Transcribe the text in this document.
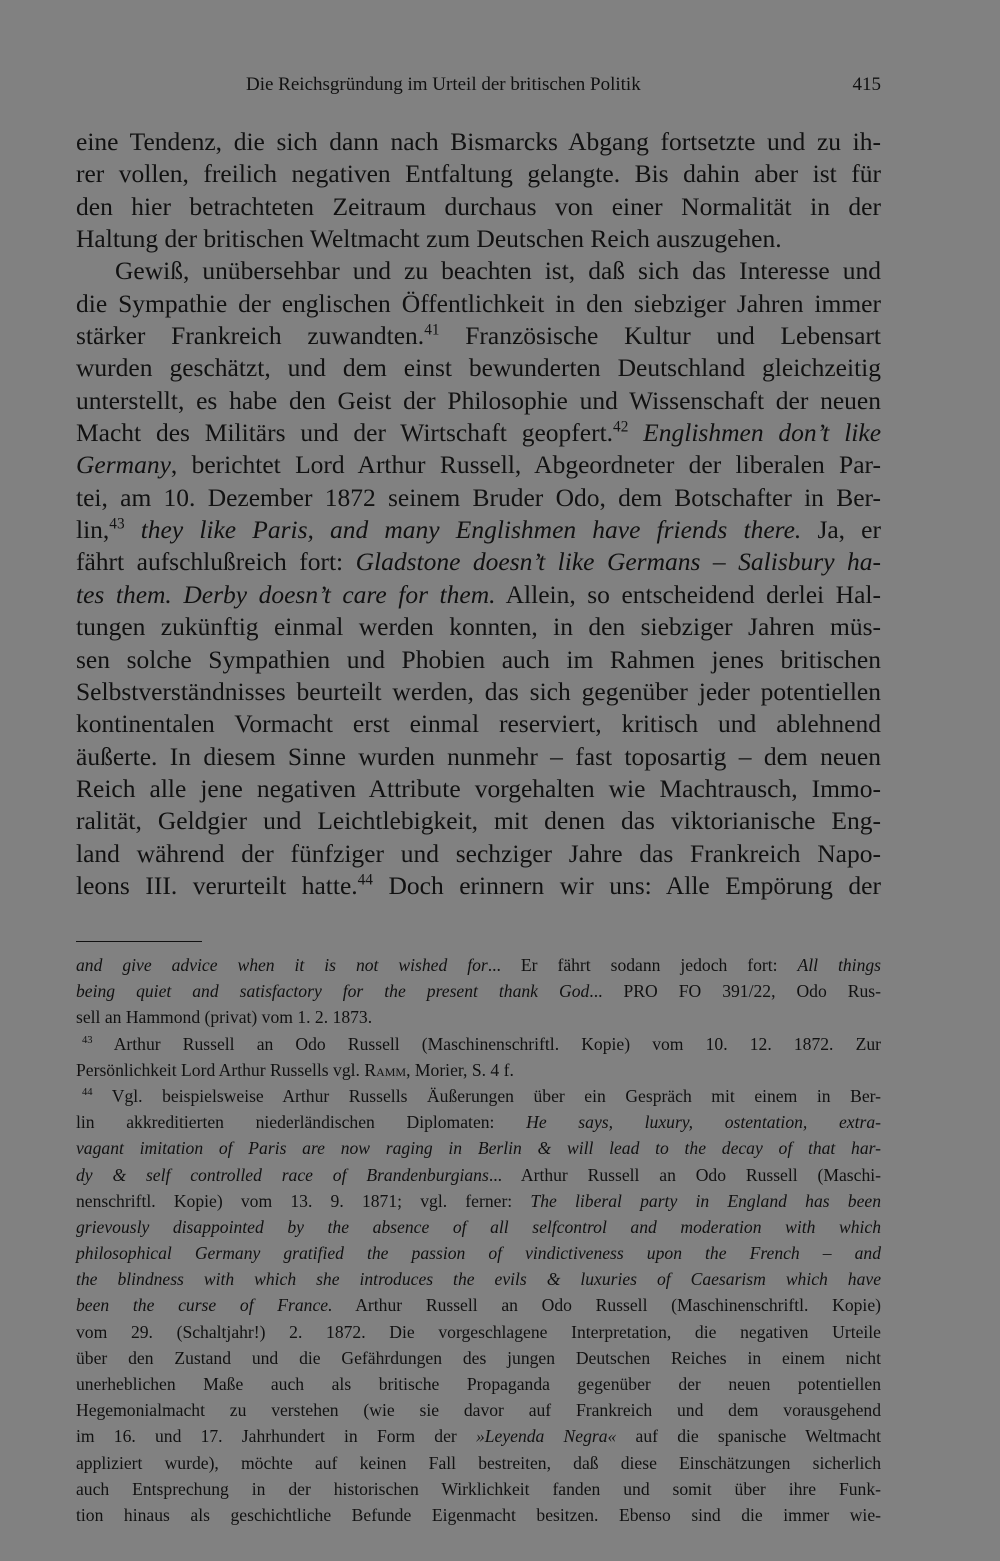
Die Reichsgründung im Urteil der britischen Politik	415
eine Tendenz, die sich dann nach Bismarcks Abgang fortsetzte und zu ih-
rer vollen, freilich negativen Entfaltung gelangte. Bis dahin aber ist für
den hier betrachteten Zeitraum durchaus von einer Normalität in der
Haltung der britischen Weltmacht zum Deutschen Reich auszugehen.
Gewiß, unübersehbar und zu beachten ist, daß sich das Interesse und
die Sympathie der englischen Öffentlichkeit in den siebziger Jahren immer
stärker Frankreich zuwandten.$^{41}$ Französische Kultur und Lebensart
wurden geschätzt, und dem einst bewunderten Deutschland gleichzeitig
unterstellt, es habe den Geist der Philosophie und Wissenschaft der neuen
Macht des Militärs und der Wirtschaft geopfert.$^{42}$ Englishmen don’t like
Germany, berichtet Lord Arthur Russell, Abgeordneter der liberalen Par-
tei, am 10. Dezember 1872 seinem Bruder Odo, dem Botschafter in Ber-
lin,$^{43}$ they like Paris, and many Englishmen have friends there. Ja, er
fährt aufschlußreich fort: Gladstone doesn’t like Germans – Salisbury ha-
tes them. Derby doesn’t care for them. Allein, so entscheidend derlei Hal-
tungen zukünftig einmal werden konnten, in den siebziger Jahren müs-
sen solche Sympathien und Phobien auch im Rahmen jenes britischen
Selbstverständnisses beurteilt werden, das sich gegenüber jeder potentiellen
kontinentalen Vormacht erst einmal reserviert, kritisch und ablehnend
äußerte. In diesem Sinne wurden nunmehr – fast toposartig – dem neuen
Reich alle jene negativen Attribute vorgehalten wie Machtrausch, Immo-
ralität, Geldgier und Leichtlebigkeit, mit denen das viktorianische Eng-
land während der fünfziger und sechziger Jahre das Frankreich Napo-
leons III. verurteilt hatte.$^{44}$ Doch erinnern wir uns: Alle Empörung der
and give advice when it is not wished for... Er fährt sodann jedoch fort: All things
being quiet and satisfactory for the present thank God... PRO FO 391/22, Odo Rus-
sell an Hammond (privat) vom 1. 2. 1873.
$^{43}$ Arthur Russell an Odo Russell (Maschinenschriftl. Kopie) vom 10. 12. 1872. Zur
Persönlichkeit Lord Arthur Russells vgl. Ramm, Morier, S. 4 f.
$^{44}$ Vgl. beispielsweise Arthur Russells Äußerungen über ein Gespräch mit einem in Ber-
lin akkreditierten niederländischen Diplomaten: He says, luxury, ostentation, extra-
vagant imitation of Paris are now raging in Berlin & will lead to the decay of that har-
dy & self controlled race of Brandenburgians... Arthur Russell an Odo Russell (Maschi-
nenschriftl. Kopie) vom 13. 9. 1871; vgl. ferner: The liberal party in England has been
grievously disappointed by the absence of all selfcontrol and moderation with which
philosophical Germany gratified the passion of vindictiveness upon the French – and
the blindness with which she introduces the evils & luxuries of Caesarism which have
been the curse of France. Arthur Russell an Odo Russell (Maschinenschriftl. Kopie)
vom 29. (Schaltjahr!) 2. 1872. Die vorgeschlagene Interpretation, die negativen Urteile
über den Zustand und die Gefährdungen des jungen Deutschen Reiches in einem nicht
unerheblichen Maße auch als britische Propaganda gegenüber der neuen potentiellen
Hegemonialmacht zu verstehen (wie sie davor auf Frankreich und dem vorausgehend
im 16. und 17. Jahrhundert in Form der »Leyenda Negra« auf die spanische Weltmacht
appliziert wurde), möchte auf keinen Fall bestreiten, daß diese Einschätzungen sicherlich
auch Entsprechung in der historischen Wirklichkeit fanden und somit über ihre Funk-
tion hinaus als geschichtliche Befunde Eigenmacht besitzen. Ebenso sind die immer wie-
